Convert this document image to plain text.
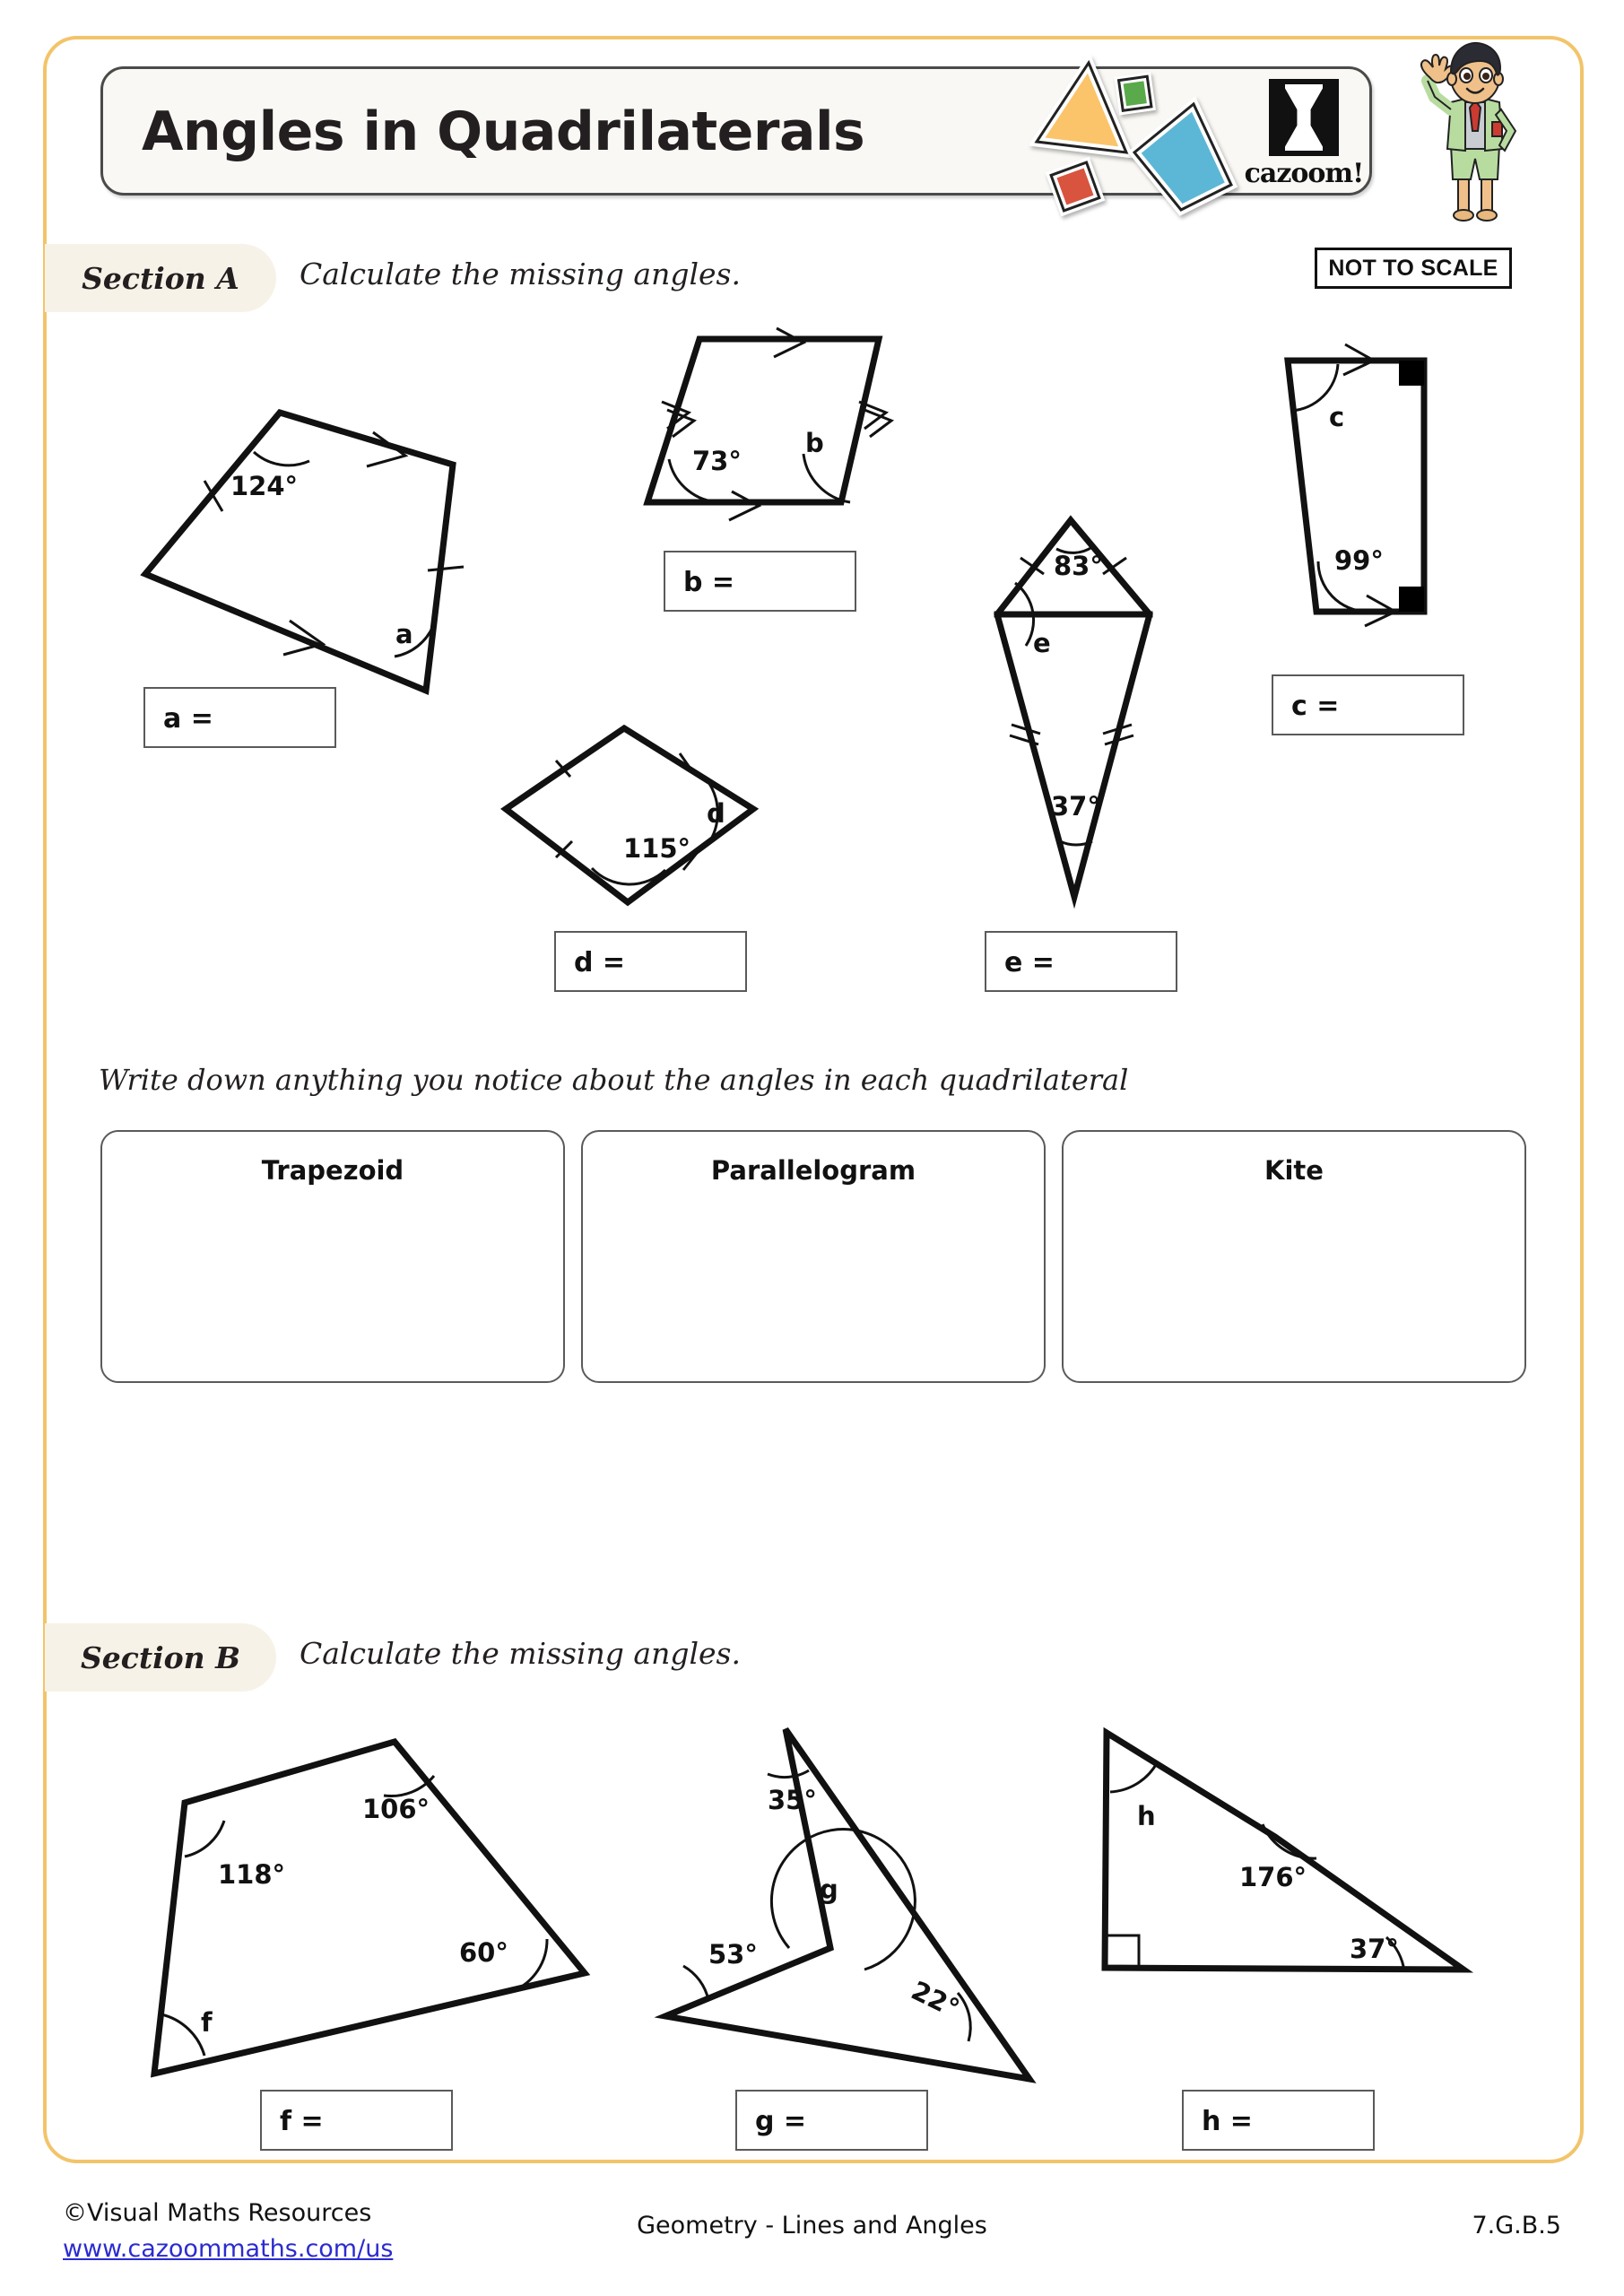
Angles in Quadrilaterals
cazoom!
NOT TO SCALE
Section A	Calculate the missing angles.
124°
a
a =
73°
b
b =
c
99°
c =
115°
d
d =
83°
e
37°
e =
Write down anything you notice about the angles in each quadrilateral
Trapezoid	Parallelogram	Kite
Section B	Calculate the missing angles.
118°
106°
60°
f
f =
35°
g
53°
22°
g =
h
176°
37°
h =
©Visual Maths Resources
www.cazoommaths.com/us
Geometry - Lines and Angles	7.G.B.5
